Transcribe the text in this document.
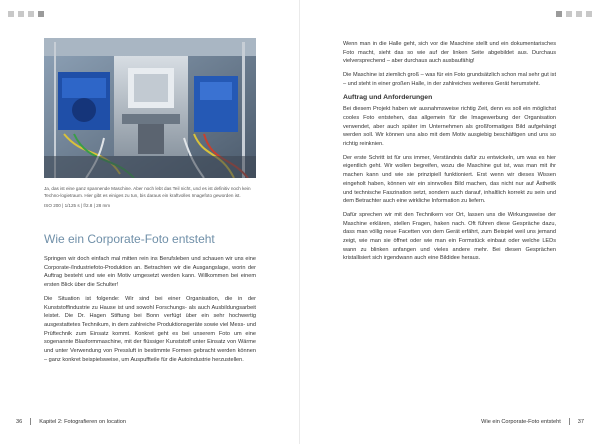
Ja, das ist eine ganz spannende Maschine. Aber noch lebt das Teil nicht, und es ist definitiv noch kein Techno-logietraum. Hier gibt es einiges zu tun, bis daraus ein kraftvolles Imagefoto geworden ist.
ISO 200 | 1/125 s | f/2.8 | 28 mm
Wie ein Corporate-Foto entsteht

Springen wir doch einfach mal mitten rein ins Berufsleben und schauen wir uns eine Corporate-/Industriefoto-Produktion an. Betrachten wir die Ausgangslage, worin der Auftrag besteht und wie ein Motiv umgesetzt werden kann. Willkommen bei einem ersten Blick über die Schulter!

Die Situation ist folgende: Wir sind bei einer Organisation, die in der Kunststoffindustrie zu Hause ist und sowohl Forschungs- als auch Ausbildungsarbeit leistet. Die Dr. Hagen Stiftung bei Bonn verfügt über ein sehr hochwertig ausgestattetes Technikum, in dem zahlreiche Produktionsgeräte sowie viel Mess- und Prüftechnik zum Einsatz kommt. Konkret geht es bei unserem Foto um eine sogenannte Blasformmaschine, mit der flüssiger Kunststoff unter Einsatz von Wärme und unter Verwendung von Pressluft in bestimmte Formen gebracht werden können – ganz konkret beispielsweise, um Auspuffteile für die Autoindustrie herzustellen.

36	Kapitel 2: Fotografieren on location

Wenn man in die Halle geht, sich vor die Maschine stellt und ein dokumentarisches Foto macht, sieht das so wie auf der linken Seite abgebildet aus. Durchaus vielversprechend – aber durchaus auch ausbaufähig!

Die Maschine ist ziemlich groß – was für ein Foto grundsätzlich schon mal sehr gut ist – und steht in einer großen Halle, in der zahlreiches weiteres Gerät herumsteht.

Auftrag und Anforderungen

Bei diesem Projekt haben wir ausnahmsweise richtig Zeit, denn es soll ein möglichst cooles Foto entstehen, das allgemein für die Imagewerbung der Organisation verwendet, aber auch später im Unternehmen als großformatiges Bild aufgehängt werden soll. Wir können uns also mit dem Motiv ausgiebig beschäftigen und uns so richtig reinknien.

Der erste Schritt ist für uns immer, Verständnis dafür zu entwickeln, um was es hier eigentlich geht. Wir wollen begreifen, wozu die Maschine gut ist, was man mit ihr machen kann und wie sie prinzipiell funktioniert. Erst wenn wir dieses Wissen eingeholt haben, können wir ein sinnvolles Bild machen, das nicht nur auf Ästhetik und technische Faszination setzt, sondern auch darauf, inhaltlich korrekt zu sein und dem Betrachter auch eine wirkliche Information zu liefern.

Dafür sprechen wir mit den Technikern vor Ort, lassen uns die Wirkungsweise der Maschine erklären, stellen Fragen, haken nach. Oft führen diese Gespräche dazu, dass man völlig neue Facetten von dem Gerät erfährt, zum Beispiel weil uns jemand zeigt, wie man sie öffnet oder wie man ein Formstück einbaut oder welche LEDs wann zu blinken anfangen und vieles andere mehr. Bei diesen Gesprächen kristallisiert sich irgendwann auch eine Bildidee heraus.

Wie ein Corporate-Foto entsteht	37
